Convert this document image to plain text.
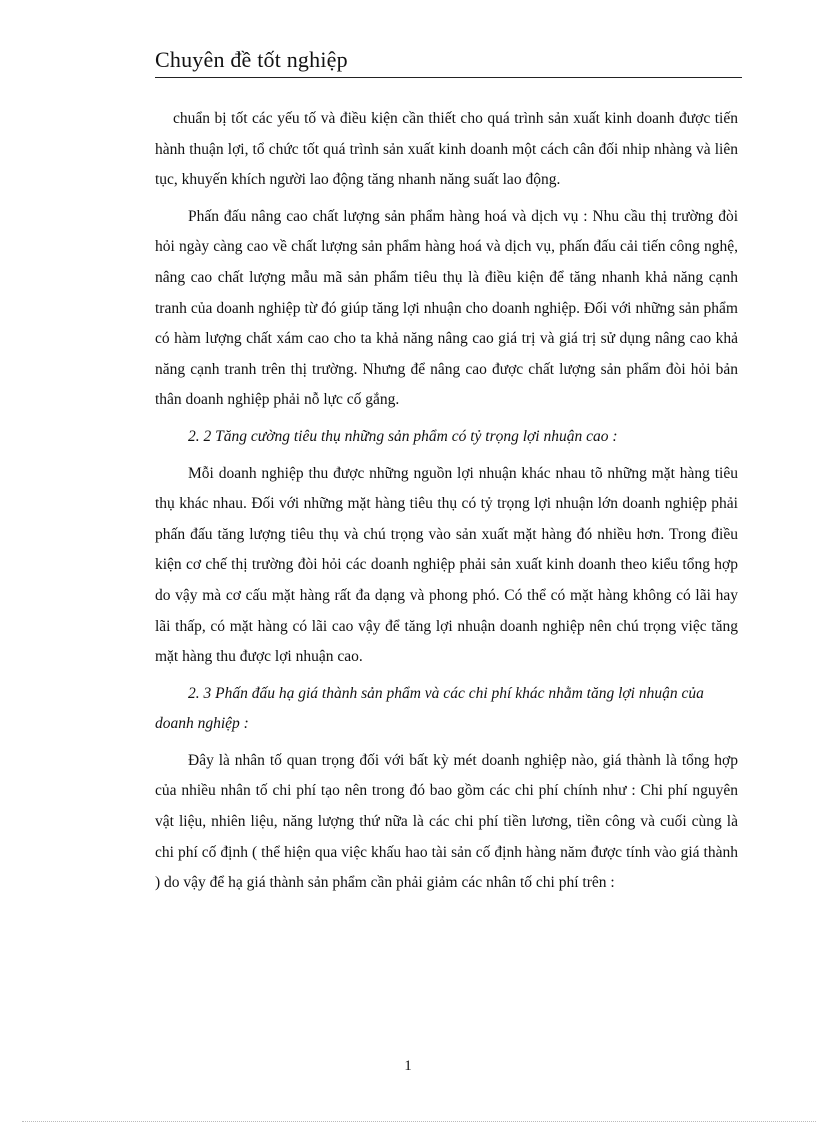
Chuyên đề tốt nghiệp

chuẩn bị tốt các yếu tố và điều kiện cần thiết cho quá trình sản xuất kinh doanh được tiến hành thuận lợi, tổ chức tốt quá trình sản xuất kinh doanh một cách cân đối nhip nhàng và liên tục, khuyến khích người lao động tăng nhanh năng suất lao động.

Phấn đấu nâng cao chất lượng sản phẩm hàng hoá và dịch vụ : Nhu cầu thị trường đòi hỏi ngày càng cao về chất lượng sản phẩm hàng hoá và dịch vụ, phấn đấu cải tiến công nghệ, nâng cao chất lượng mẫu mã sản phẩm tiêu thụ là điều kiện để tăng nhanh khả năng cạnh tranh của doanh nghiệp từ đó giúp tăng lợi nhuận cho doanh nghiệp. Đối với những sản phẩm có hàm lượng chất xám cao cho ta khả năng nâng cao giá trị và giá trị sử dụng nâng cao khả năng cạnh tranh trên thị trường. Nhưng để nâng cao được chất lượng sản phẩm đòi hỏi bản thân doanh nghiệp phải nỗ lực cố gắng.

2. 2 Tăng cường tiêu thụ những sản phẩm có tỷ trọng lợi nhuận cao :

Mỗi doanh nghiệp thu được những nguồn lợi nhuận khác nhau tõ những mặt hàng tiêu thụ khác nhau. Đối với những mặt hàng tiêu thụ có tỷ trọng lợi nhuận lớn doanh nghiệp phải phấn đấu tăng lượng tiêu thụ và chú trọng vào sản xuất mặt hàng đó nhiều hơn. Trong điều kiện cơ chế thị trường đòi hỏi các doanh nghiệp phải sản xuất kinh doanh theo kiểu tổng hợp do vậy mà cơ cấu mặt hàng rất đa dạng và phong phó. Có thể có mặt hàng không có lãi hay lãi thấp, có mặt hàng có lãi cao vậy để tăng lợi nhuận doanh nghiệp nên chú trọng việc tăng mặt hàng thu được lợi nhuận cao.

2. 3 Phấn đấu hạ giá thành sản phẩm và các chi phí khác nhằm tăng lợi nhuận của doanh nghiệp :

Đây là nhân tố quan trọng đối với bất kỳ mét doanh nghiệp nào, giá thành là tổng hợp của nhiều nhân tố chi phí tạo nên trong đó bao gồm các chi phí chính như : Chi phí nguyên vật liệu, nhiên liệu, năng lượng thứ nữa là các chi phí tiền lương, tiền công và cuối cùng là chi phí cố định ( thể hiện qua việc khấu hao tài sản cố định hàng năm được tính vào giá thành ) do vậy để hạ giá thành sản phẩm cần phải giảm các nhân tố chi phí trên :

1
